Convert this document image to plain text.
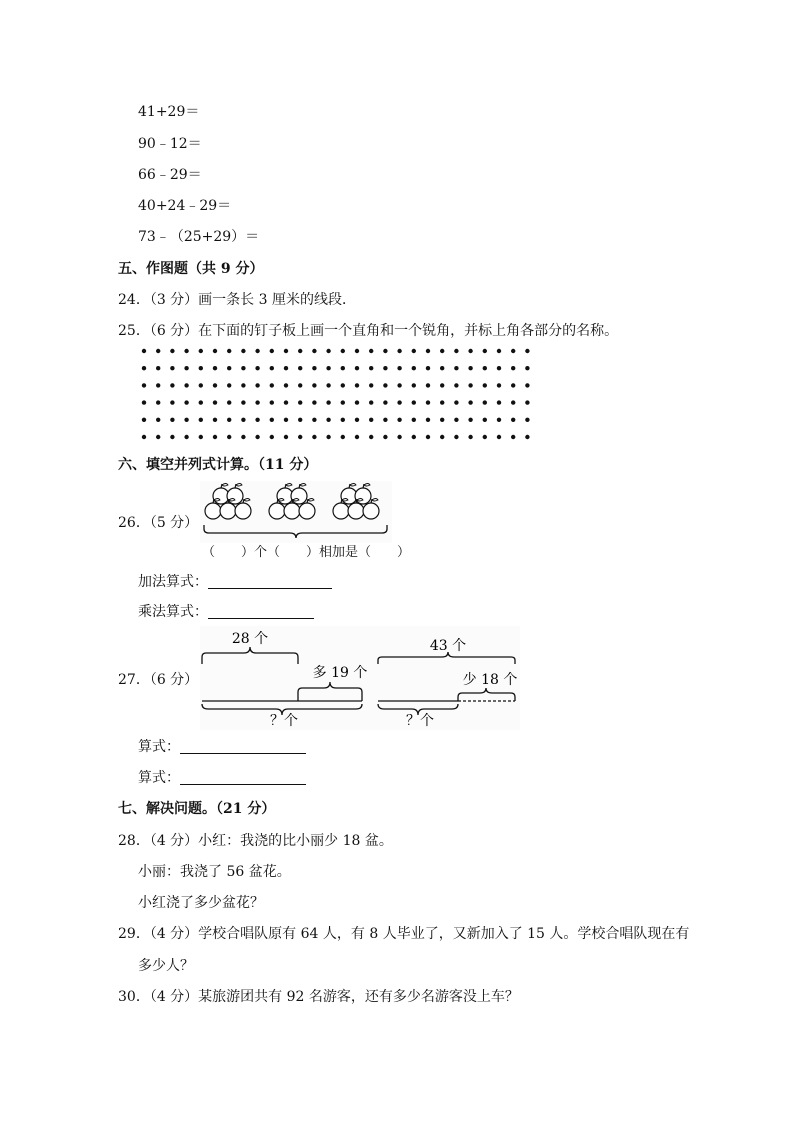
41+29＝
90﹣12＝
66﹣29＝
40+24﹣29＝
73﹣（25+29）＝
五、作图题（共 9 分）
24．（3 分）画一条长 3 厘米的线段．
25．（6 分）在下面的钉子板上画一个直角和一个锐角，并标上角各部分的名称。
六、填空并列式计算。（11 分）
26．（5 分）
（　　）个（　　）相加是（　　）
加法算式：
乘法算式：
27．（6 分）
28 个
多 19 个
？个
43 个
少 18 个
？个
算式：
算式：
七、解决问题。（21 分）
28．（4 分）小红：我浇的比小丽少 18 盆。
小丽：我浇了 56 盆花。
小红浇了多少盆花？
29．（4 分）学校合唱队原有 64 人，有 8 人毕业了，又新加入了 15 人。学校合唱队现在有
多少人？
30．（4 分）某旅游团共有 92 名游客，还有多少名游客没上车？
